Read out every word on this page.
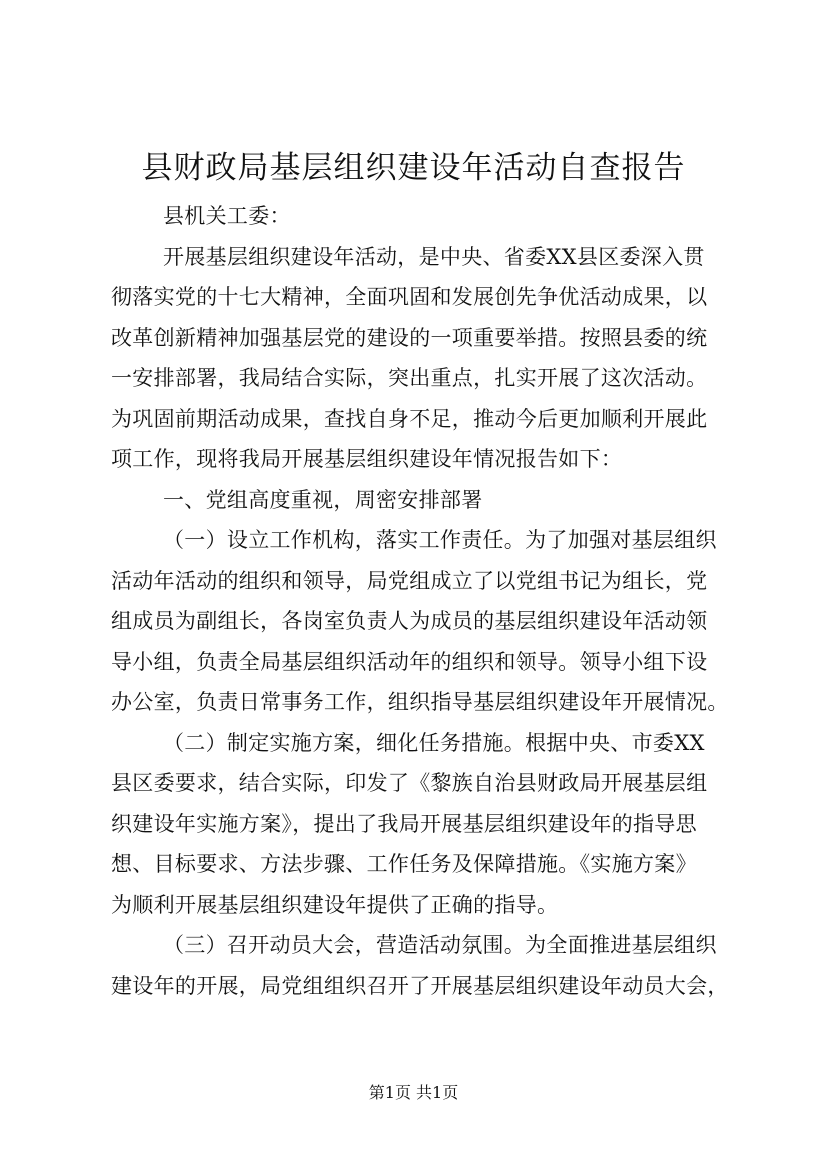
县财政局基层组织建设年活动自查报告

县机关工委：

开展基层组织建设年活动，是中央、省委XX县区委深入贯
彻落实党的十七大精神，全面巩固和发展创先争优活动成果，以
改革创新精神加强基层党的建设的一项重要举措。按照县委的统
一安排部署，我局结合实际，突出重点，扎实开展了这次活动。
为巩固前期活动成果，查找自身不足，推动今后更加顺利开展此
项工作，现将我局开展基层组织建设年情况报告如下：
一、党组高度重视，周密安排部署
（一）设立工作机构，落实工作责任。为了加强对基层组织
活动年活动的组织和领导，局党组成立了以党组书记为组长，党
组成员为副组长，各岗室负责人为成员的基层组织建设年活动领
导小组，负责全局基层组织活动年的组织和领导。领导小组下设
办公室，负责日常事务工作，组织指导基层组织建设年开展情况。
（二）制定实施方案，细化任务措施。根据中央、市委XX
县区委要求，结合实际，印发了《黎族自治县财政局开展基层组
织建设年实施方案》，提出了我局开展基层组织建设年的指导思
想、目标要求、方法步骤、工作任务及保障措施。《实施方案》
为顺利开展基层组织建设年提供了正确的指导。
（三）召开动员大会，营造活动氛围。为全面推进基层组织
建设年的开展，局党组组织召开了开展基层组织建设年动员大会，

第1页 共1页
